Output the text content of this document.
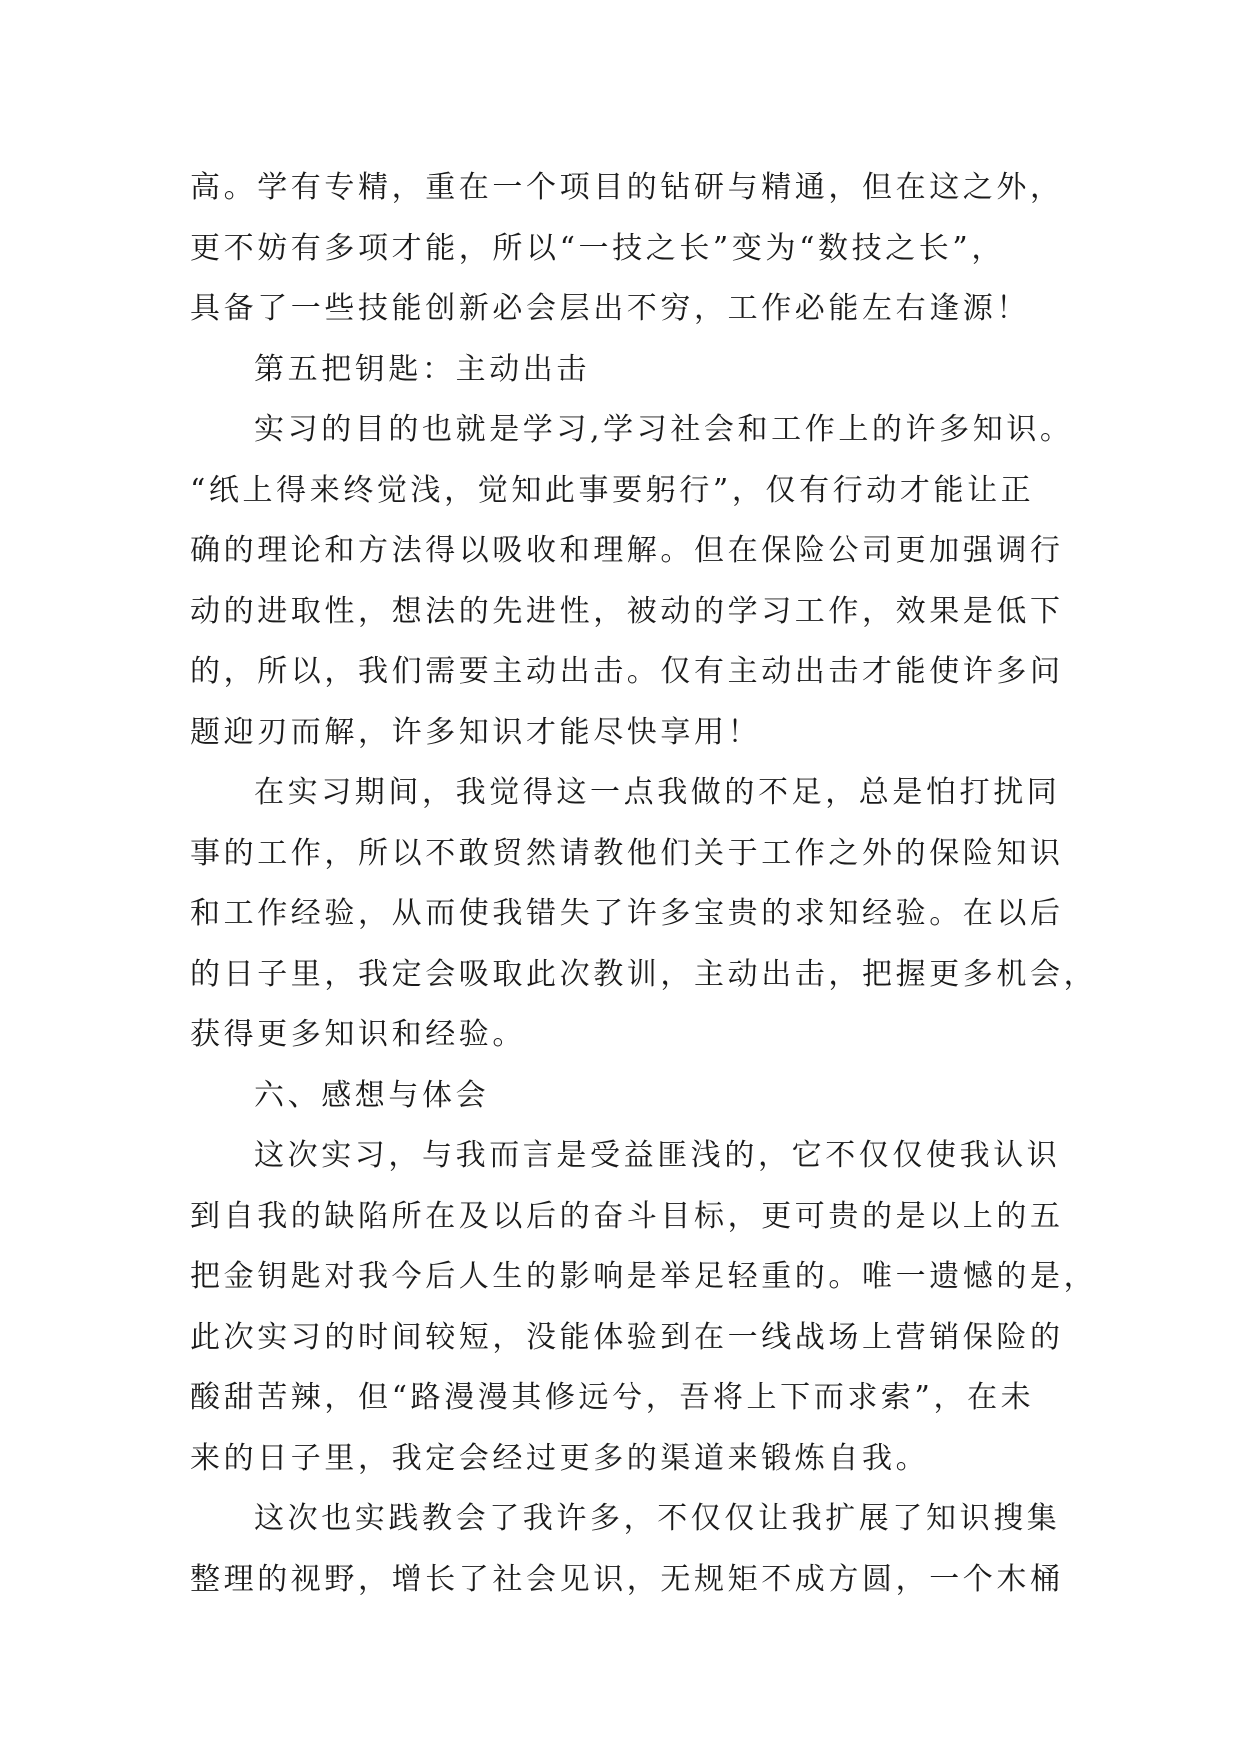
高。学有专精，重在一个项目的钻研与精通，但在这之外，
更不妨有多项才能，所以“一技之长”变为“数技之长”，
具备了一些技能创新必会层出不穷，工作必能左右逢源！
第五把钥匙：主动出击
实习的目的也就是学习,学习社会和工作上的许多知识。
“纸上得来终觉浅，觉知此事要躬行”，仅有行动才能让正
确的理论和方法得以吸收和理解。但在保险公司更加强调行
动的进取性，想法的先进性，被动的学习工作，效果是低下
的，所以，我们需要主动出击。仅有主动出击才能使许多问
题迎刃而解，许多知识才能尽快享用！
在实习期间，我觉得这一点我做的不足，总是怕打扰同
事的工作，所以不敢贸然请教他们关于工作之外的保险知识
和工作经验，从而使我错失了许多宝贵的求知经验。在以后
的日子里，我定会吸取此次教训，主动出击，把握更多机会，
获得更多知识和经验。
六、感想与体会
这次实习，与我而言是受益匪浅的，它不仅仅使我认识
到自我的缺陷所在及以后的奋斗目标，更可贵的是以上的五
把金钥匙对我今后人生的影响是举足轻重的。唯一遗憾的是，
此次实习的时间较短，没能体验到在一线战场上营销保险的
酸甜苦辣，但“路漫漫其修远兮，吾将上下而求索”，在未
来的日子里，我定会经过更多的渠道来锻炼自我。
这次也实践教会了我许多，不仅仅让我扩展了知识搜集
整理的视野，增长了社会见识，无规矩不成方圆，一个木桶
